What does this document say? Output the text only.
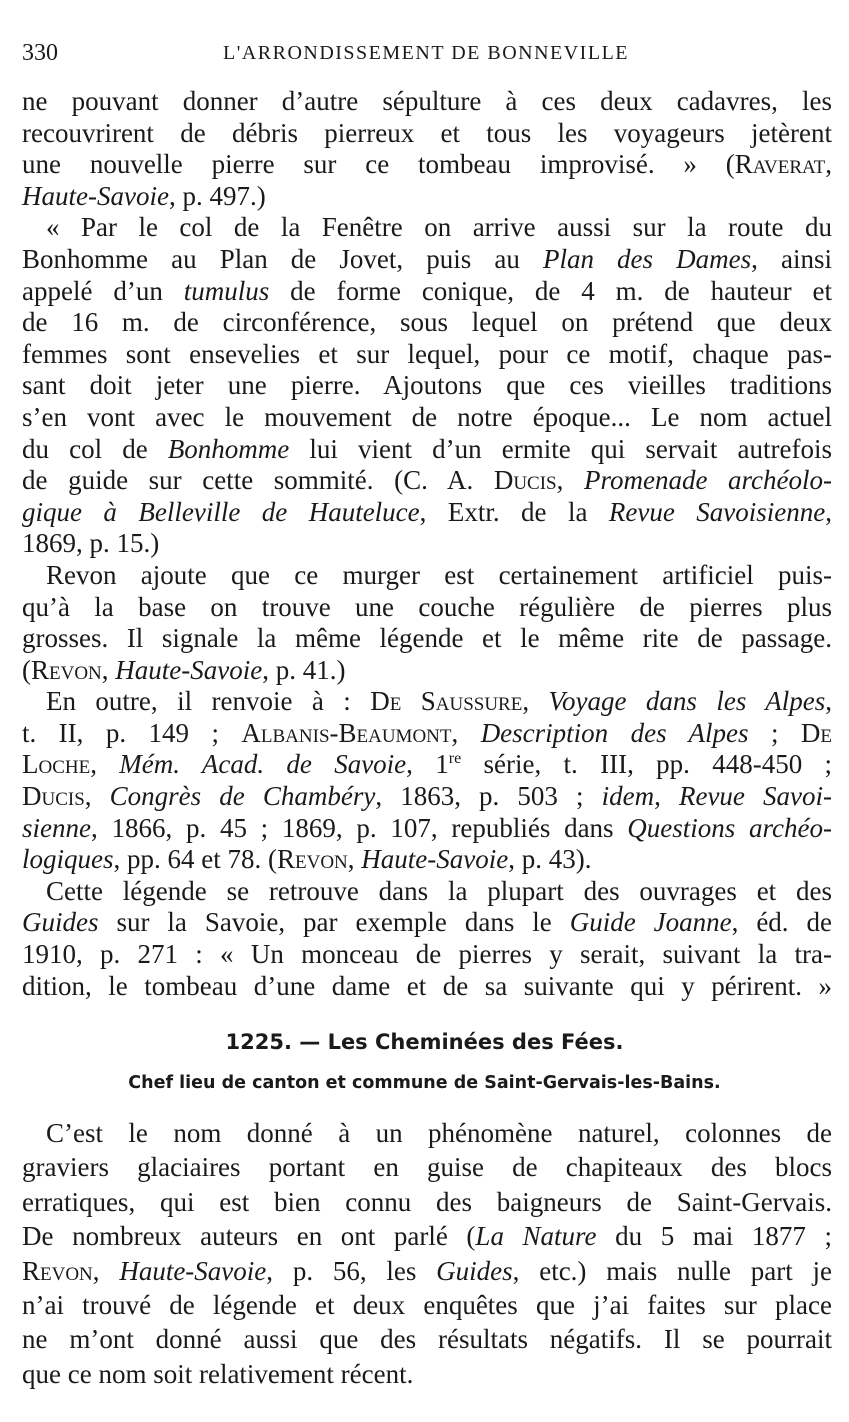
330	L'ARRONDISSEMENT DE BONNEVILLE
ne pouvant donner d’autre sépulture à ces deux cadavres, les
recouvrirent de débris pierreux et tous les voyageurs jetèrent
une nouvelle pierre sur ce tombeau improvisé. » (Raverat,
Haute-Savoie, p. 497.)
« Par le col de la Fenêtre on arrive aussi sur la route du
Bonhomme au Plan de Jovet, puis au Plan des Dames, ainsi
appelé d’un tumulus de forme conique, de 4 m. de hauteur et
de 16 m. de circonférence, sous lequel on prétend que deux
femmes sont ensevelies et sur lequel, pour ce motif, chaque pas-
sant doit jeter une pierre. Ajoutons que ces vieilles traditions
s’en vont avec le mouvement de notre époque... Le nom actuel
du col de Bonhomme lui vient d’un ermite qui servait autrefois
de guide sur cette sommité. (C. A. Ducis, Promenade archéolo-
gique à Belleville de Hauteluce, Extr. de la Revue Savoisienne,
1869, p. 15.)
Revon ajoute que ce murger est certainement artificiel puis-
qu’à la base on trouve une couche régulière de pierres plus
grosses. Il signale la même légende et le même rite de passage.
(Revon, Haute-Savoie, p. 41.)
En outre, il renvoie à : De Saussure, Voyage dans les Alpes,
t. II, p. 149 ; Albanis-Beaumont, Description des Alpes ; De
Loche, Mém. Acad. de Savoie, 1re série, t. III, pp. 448-450 ;
Ducis, Congrès de Chambéry, 1863, p. 503 ; idem, Revue Savoi-
sienne, 1866, p. 45 ; 1869, p. 107, republiés dans Questions archéo-
logiques, pp. 64 et 78. (Revon, Haute-Savoie, p. 43).
Cette légende se retrouve dans la plupart des ouvrages et des
Guides sur la Savoie, par exemple dans le Guide Joanne, éd. de
1910, p. 271 : « Un monceau de pierres y serait, suivant la tra-
dition, le tombeau d’une dame et de sa suivante qui y périrent. »
1225. — Les Cheminées des Fées.
Chef lieu de canton et commune de Saint-Gervais-les-Bains.
C’est le nom donné à un phénomène naturel, colonnes de
graviers glaciaires portant en guise de chapiteaux des blocs
erratiques, qui est bien connu des baigneurs de Saint-Gervais.
De nombreux auteurs en ont parlé (La Nature du 5 mai 1877 ;
Revon, Haute-Savoie, p. 56, les Guides, etc.) mais nulle part je
n’ai trouvé de légende et deux enquêtes que j’ai faites sur place
ne m’ont donné aussi que des résultats négatifs. Il se pourrait
que ce nom soit relativement récent.
